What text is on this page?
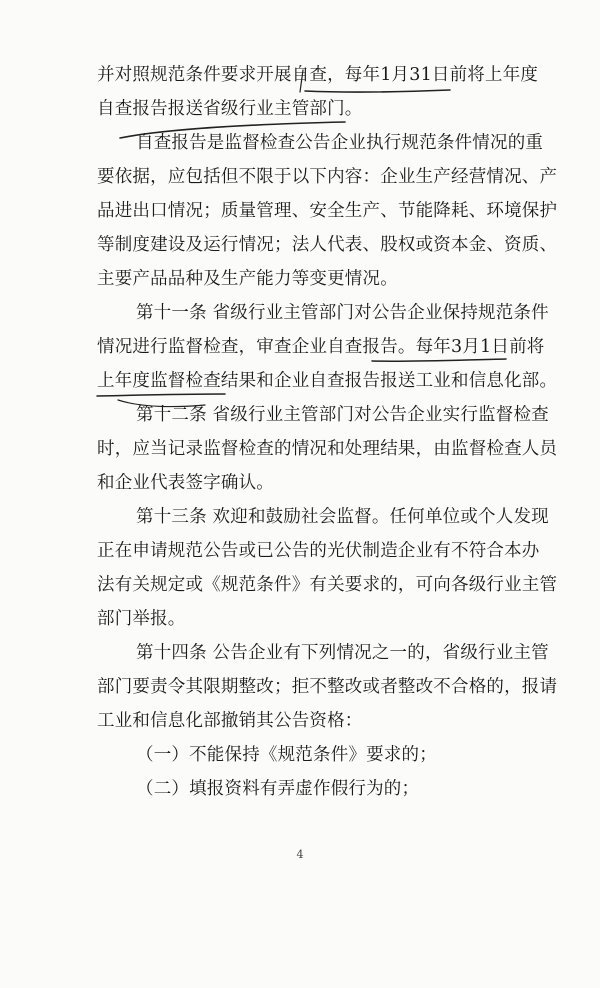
并对照规范条件要求开展自查，每年1月31日前将上年度
自查报告报送省级行业主管部门。
自查报告是监督检查公告企业执行规范条件情况的重
要依据，应包括但不限于以下内容：企业生产经营情况、产
品进出口情况；质量管理、安全生产、节能降耗、环境保护
等制度建设及运行情况；法人代表、股权或资本金、资质、
主要产品品种及生产能力等变更情况。
第十一条 省级行业主管部门对公告企业保持规范条件
情况进行监督检查，审查企业自查报告。每年3月1日前将
上年度监督检查结果和企业自查报告报送工业和信息化部。
第十二条 省级行业主管部门对公告企业实行监督检查
时，应当记录监督检查的情况和处理结果，由监督检查人员
和企业代表签字确认。
第十三条 欢迎和鼓励社会监督。任何单位或个人发现
正在申请规范公告或已公告的光伏制造企业有不符合本办
法有关规定或《规范条件》有关要求的，可向各级行业主管
部门举报。
第十四条 公告企业有下列情况之一的，省级行业主管
部门要责令其限期整改；拒不整改或者整改不合格的，报请
工业和信息化部撤销其公告资格：
（一）不能保持《规范条件》要求的；
（二）填报资料有弄虚作假行为的；
4
